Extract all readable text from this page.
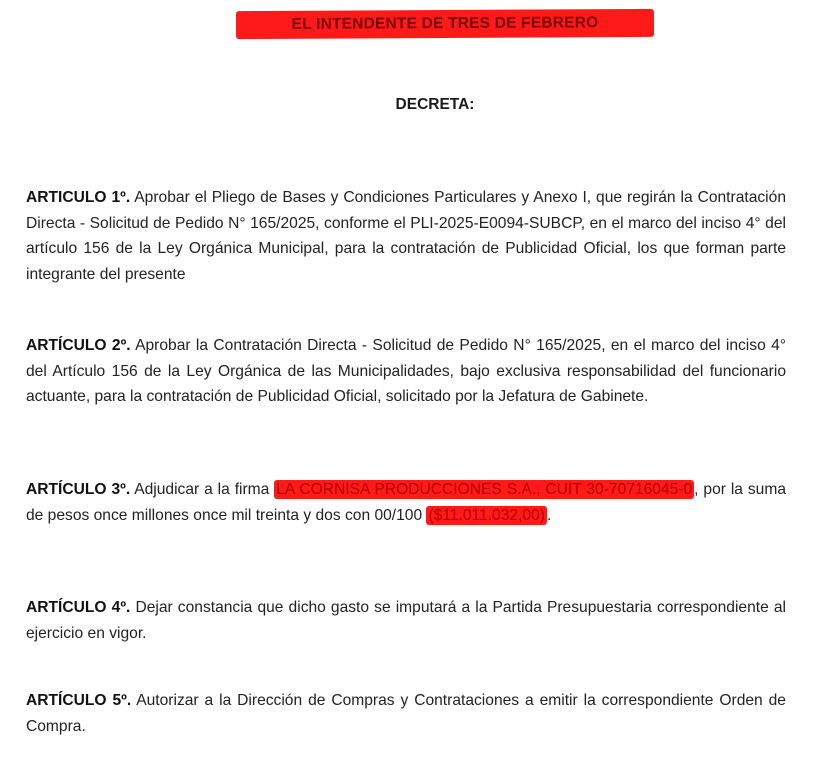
EL INTENDENTE DE TRES DE FEBRERO
DECRETA:

ARTICULO 1º. Aprobar el Pliego de Bases y Condiciones Particulares y Anexo I, que regirán la Contratación Directa - Solicitud de Pedido N° 165/2025, conforme el PLI-2025-E0094-SUBCP, en el marco del inciso 4° del artículo 156 de la Ley Orgánica Municipal, para la contratación de Publicidad Oficial, los que forman parte integrante del presente

ARTÍCULO 2º. Aprobar la Contratación Directa - Solicitud de Pedido N° 165/2025, en el marco del inciso 4° del Artículo 156 de la Ley Orgánica de las Municipalidades, bajo exclusiva responsabilidad del funcionario actuante, para la contratación de Publicidad Oficial, solicitado por la Jefatura de Gabinete.

ARTÍCULO 3º. Adjudicar a la firma LA CORNISA PRODUCCIONES S.A., CUIT 30-70716045-0 , por la suma de pesos once millones once mil treinta y dos con 00/100 ($11.011.032,00) .

ARTÍCULO 4º. Dejar constancia que dicho gasto se imputará a la Partida Presupuestaria correspondiente al ejercicio en vigor.

ARTÍCULO 5º. Autorizar a la Dirección de Compras y Contrataciones a emitir la correspondiente Orden de Compra.
